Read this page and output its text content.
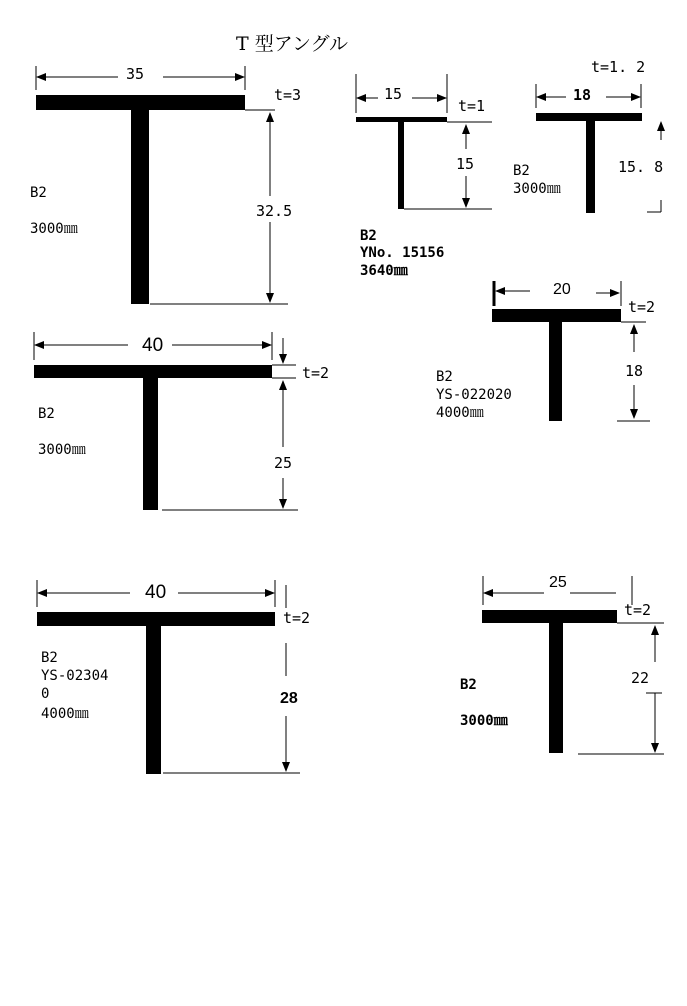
T 型アングル
35
t=3
32.5
B2
3000㎜
15
t=1
15
B2
YNo. 15156
3640㎜
18
t=1. 2
15. 8
B2
3000㎜
40
t=2
25
B2
3000㎜
20
t=2
18
B2
YS-022020
4000㎜
40
t=2
28
B2
YS-02304
0
4000㎜
25
t=2
22
B2
3000㎜
